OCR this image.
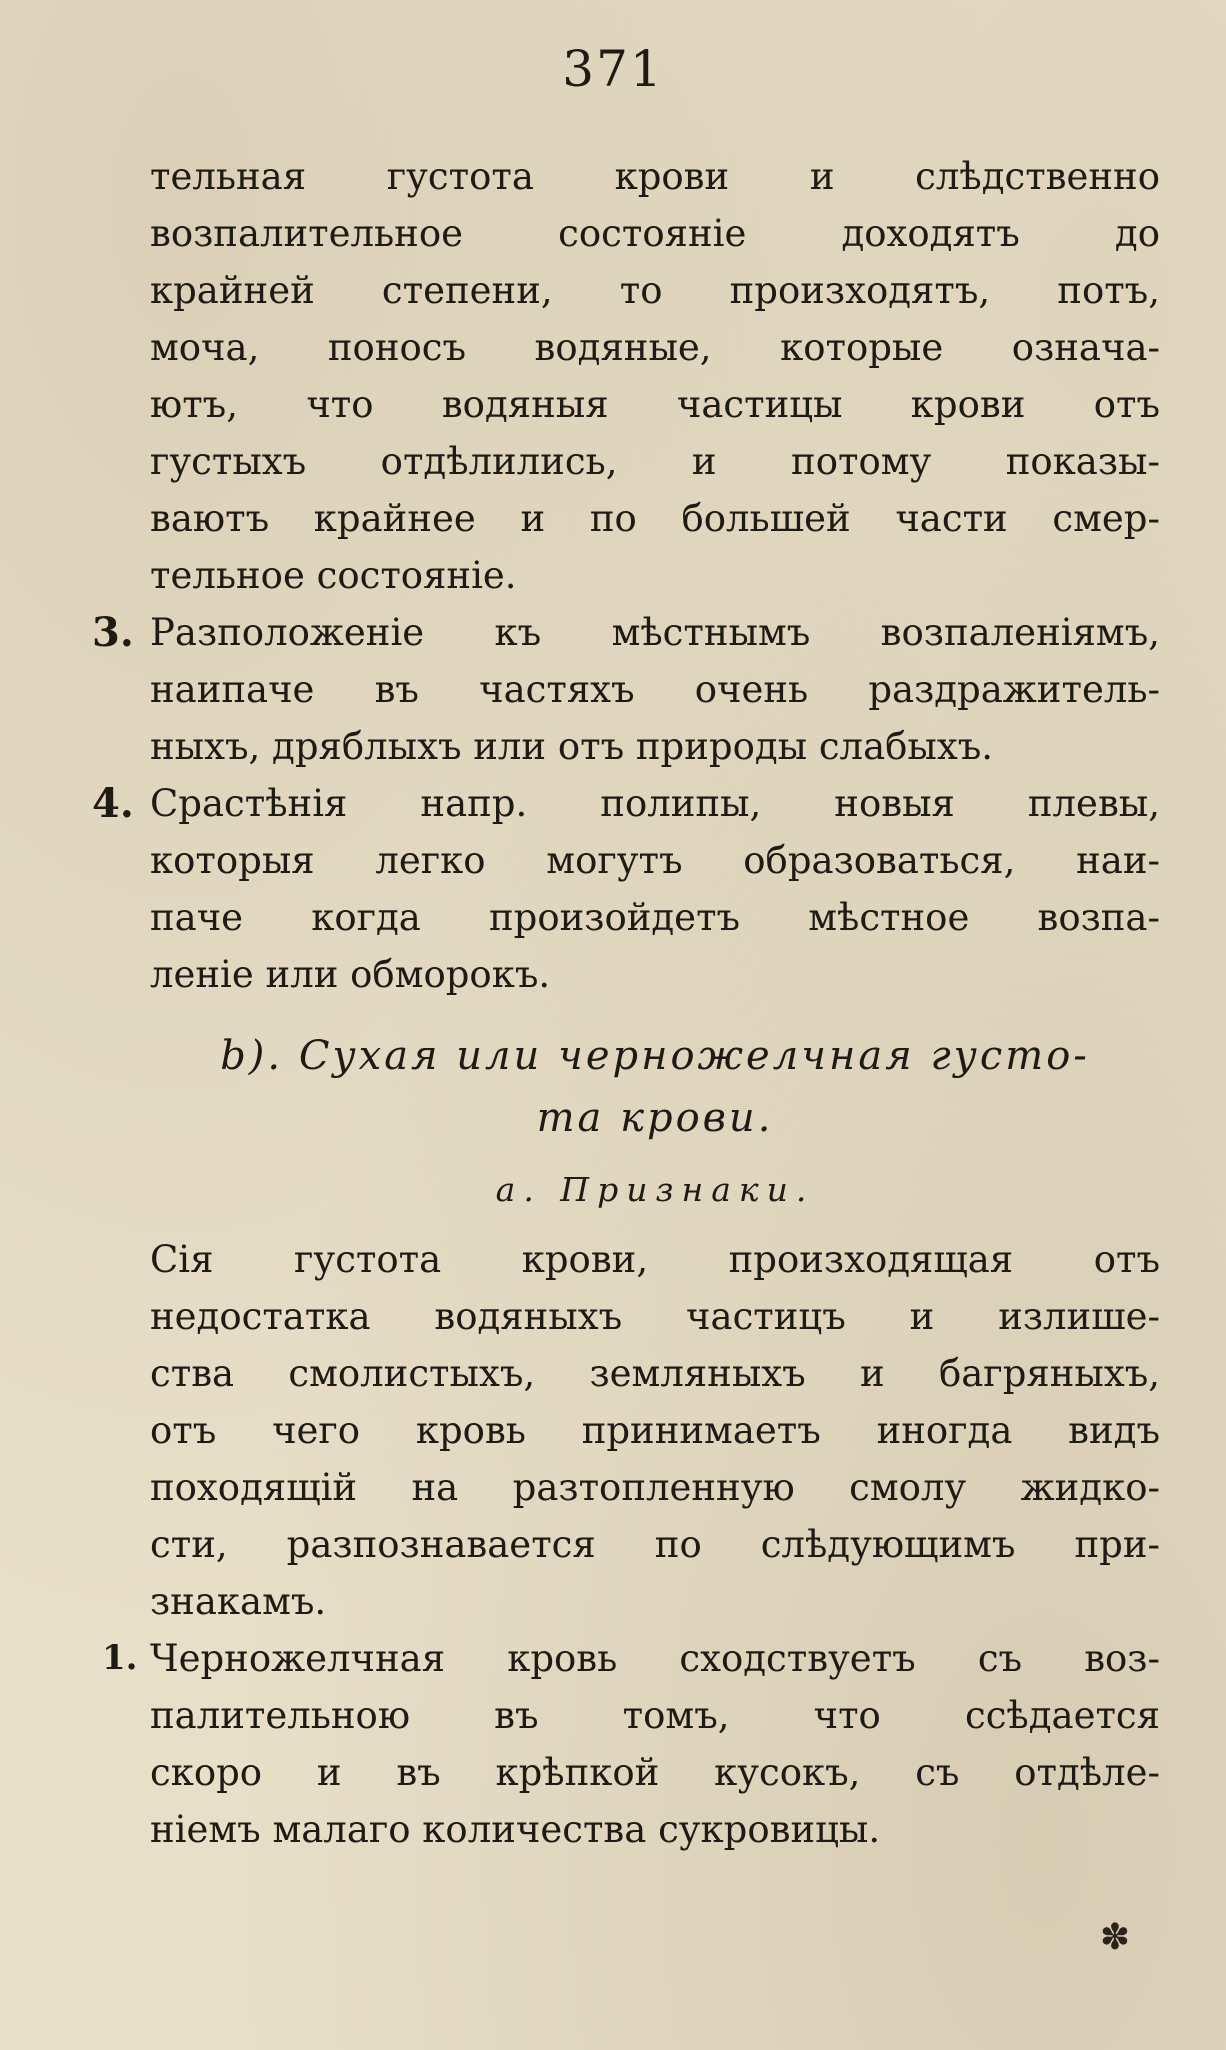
371
тельная густота крови и слѣдственно
возпалительное состояніе доходятъ до
крайней степени, то произходятъ, потъ,
моча, поносъ водяные, которые означа-
ютъ, что водяныя частицы крови отъ
густыхъ отдѣлились, и потому показы-
ваютъ крайнее и по большей части смер-
тельное состояніе.
3. Разположеніе къ мѣстнымъ возпаленіямъ,
наипаче въ частяхъ очень раздражитель-
ныхъ, дряблыхъ или отъ природы слабыхъ.
4. Срастѣнія напр. полипы, новыя плевы,
которыя легко могутъ образоваться, наи-
паче когда произойдетъ мѣстное возпа-
леніе или обморокъ.
b). Сухая или черножелчная густо-
та крови.
а. Признаки.
Сія густота крови, произходящая отъ
недостатка водяныхъ частицъ и излише-
ства смолистыхъ, земляныхъ и багряныхъ,
отъ чего кровь принимаетъ иногда видъ
походящій на разтопленную смолу жидко-
сти, разпознавается по слѣдующимъ при-
знакамъ.
1. Черножелчная кровь сходствуетъ съ воз-
палительною въ томъ, что ссѣдается
скоро и въ крѣпкой кусокъ, съ отдѣле-
ніемъ малаго количества сукровицы.
✽
